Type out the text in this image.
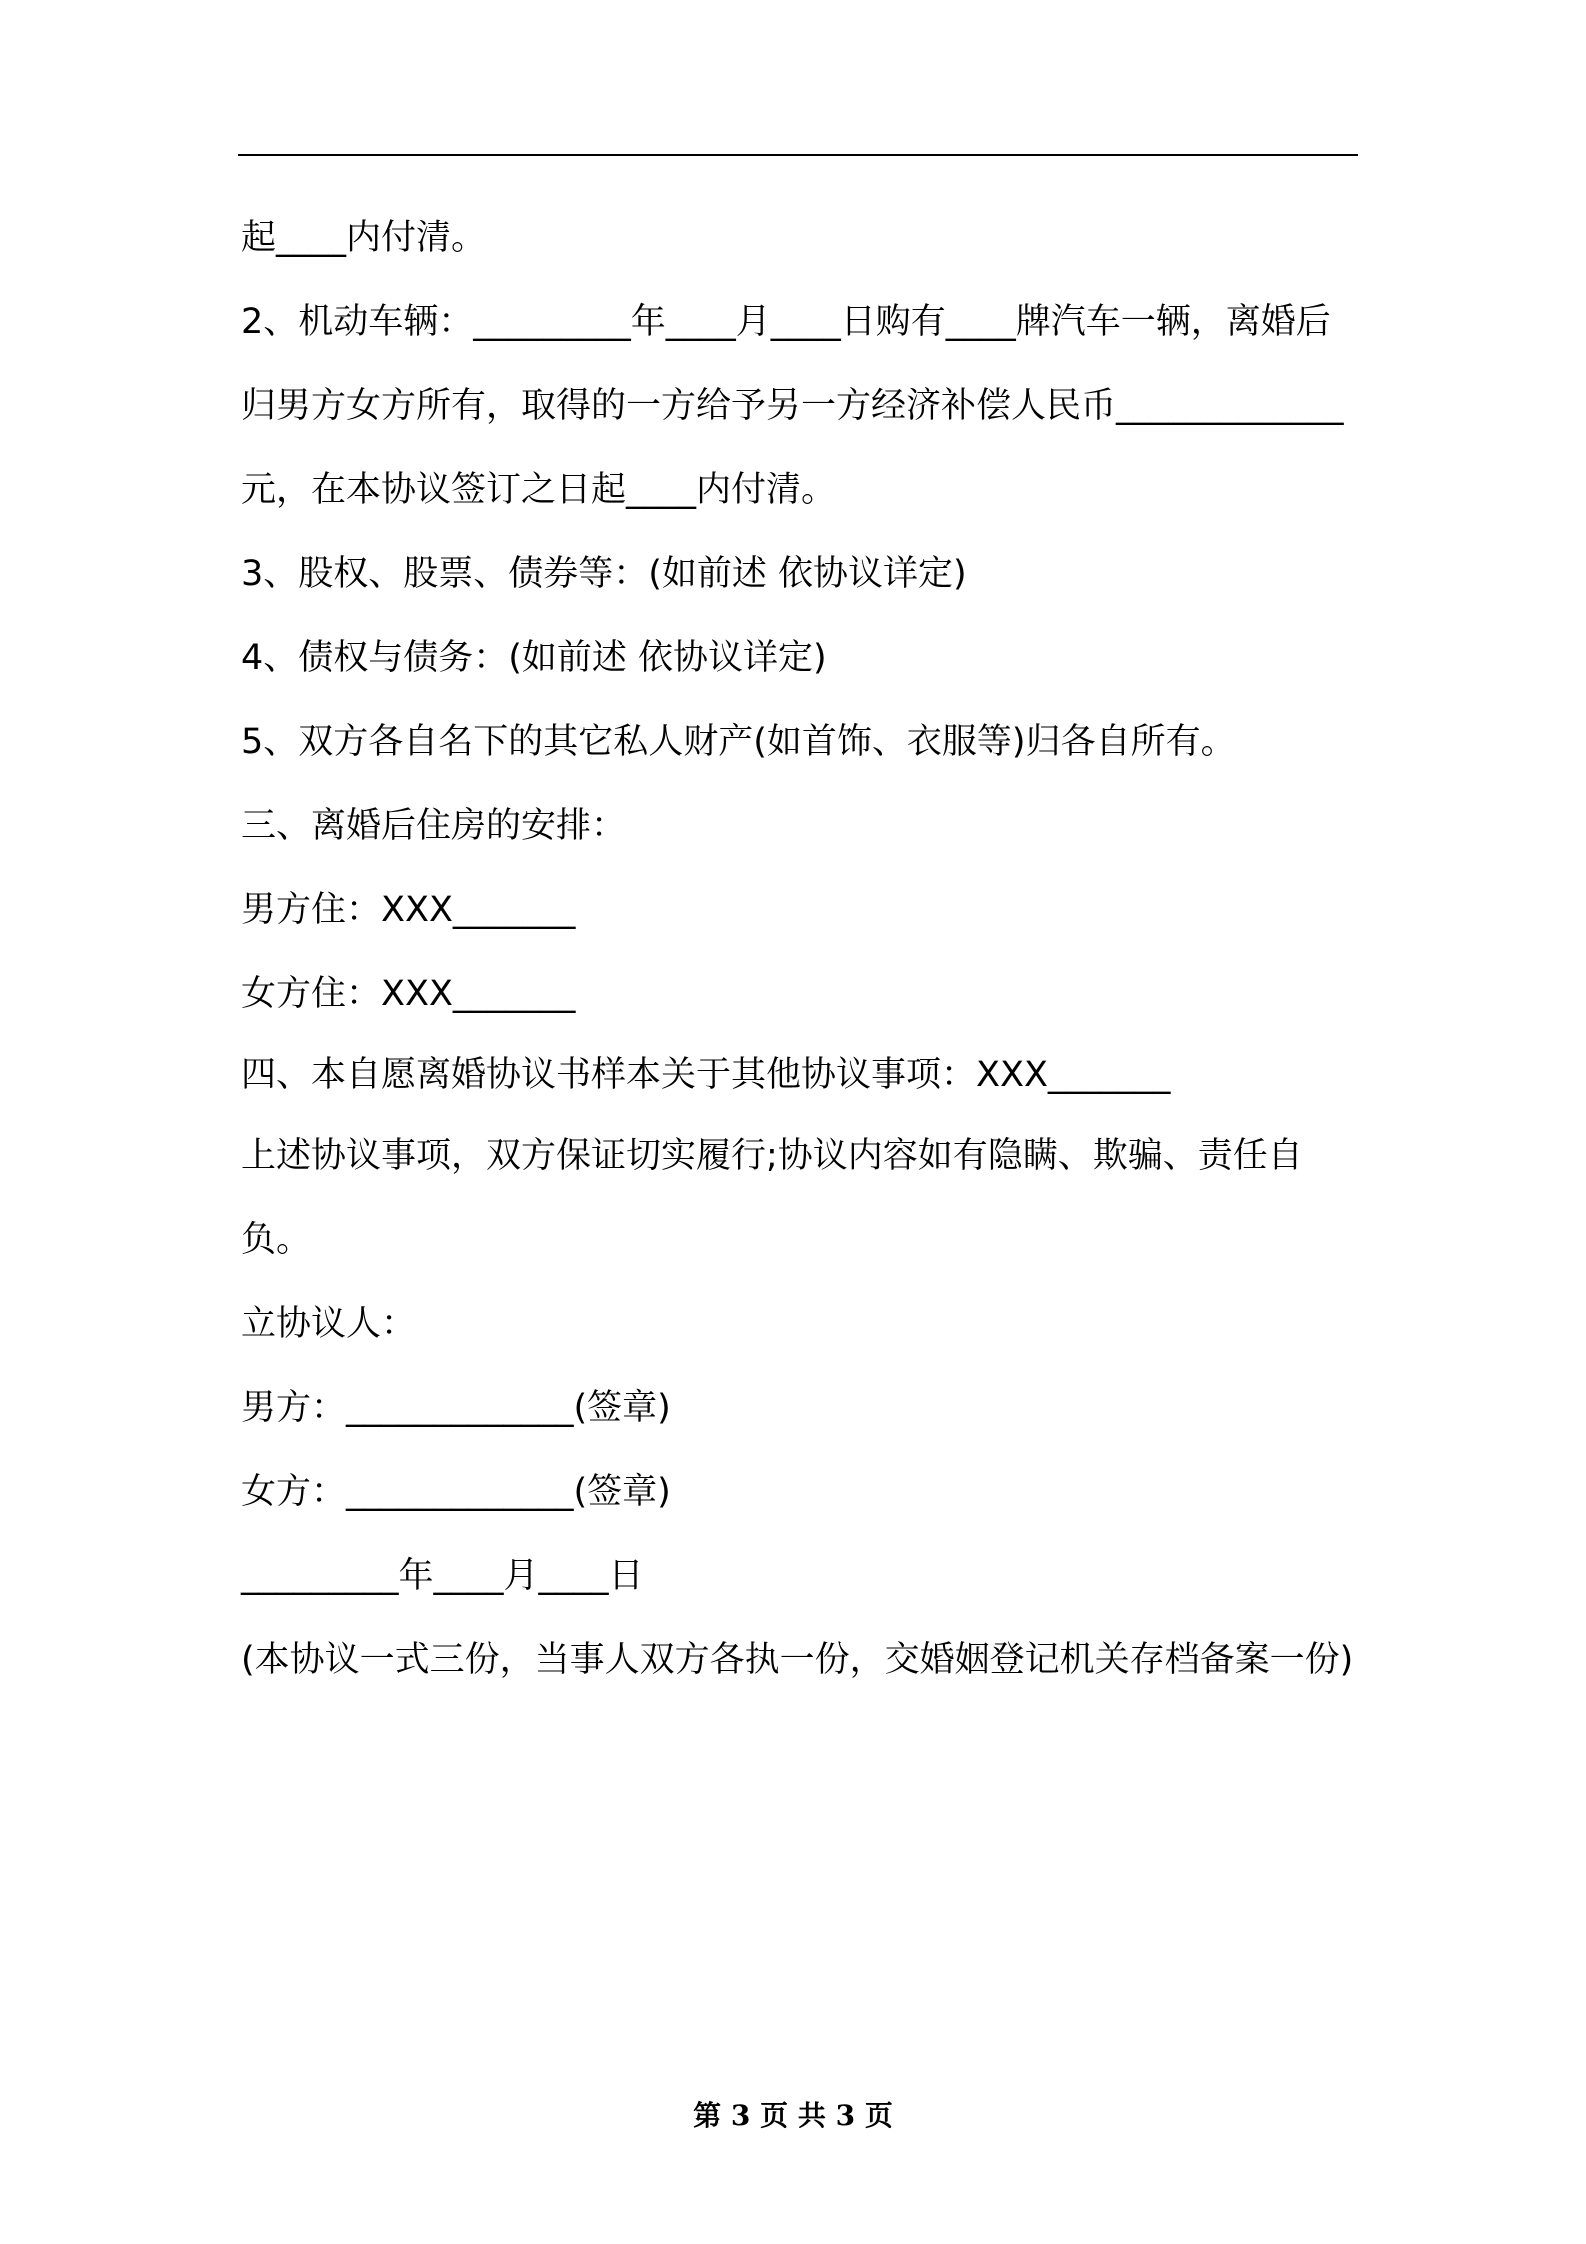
起____内付清。

2、机动车辆：_________年____月____日购有____牌汽车一辆，离婚后归男方女方所有，取得的一方给予另一方经济补偿人民币_____________元，在本协议签订之日起____内付清。

3、股权、股票、债券等：(如前述 依协议详定)

4、债权与债务：(如前述 依协议详定)

5、双方各自名下的其它私人财产(如首饰、衣服等)归各自所有。

三、离婚后住房的安排：

男方住：XXX_______

女方住：XXX_______

四、本自愿离婚协议书样本关于其他协议事项：XXX_______

上述协议事项，双方保证切实履行;协议内容如有隐瞒、欺骗、责任自负。

立协议人：

男方：_____________(签章)

女方：_____________(签章)

_________年____月____日

(本协议一式三份，当事人双方各执一份，交婚姻登记机关存档备案一份)

第 3 页 共 3 页
